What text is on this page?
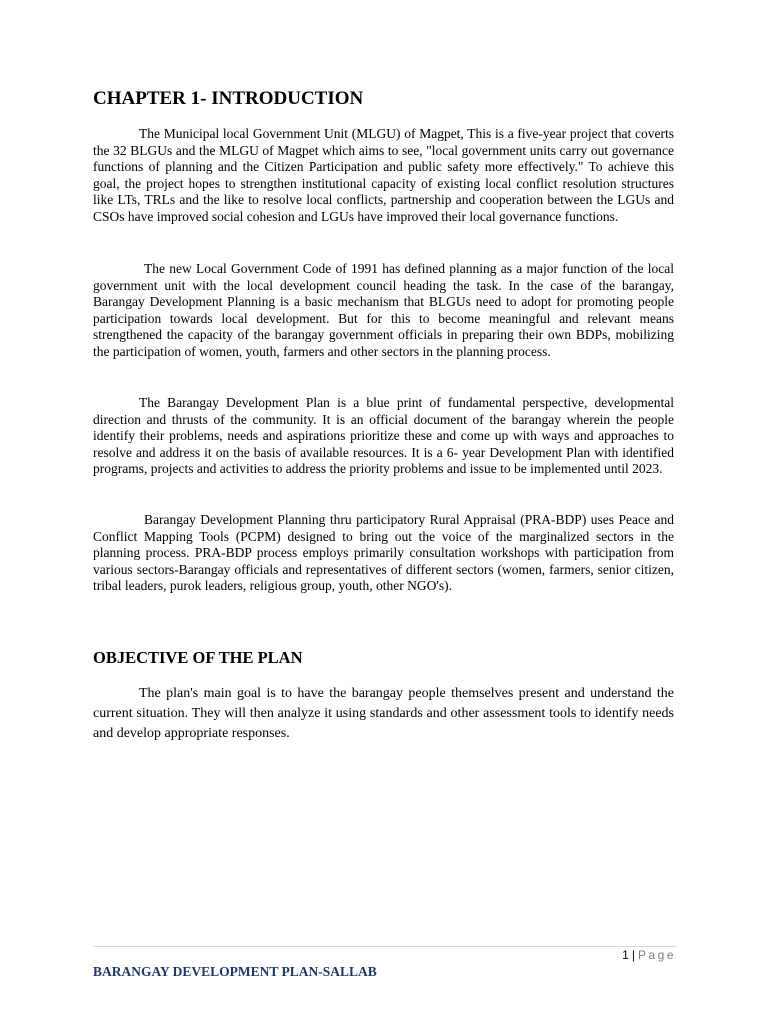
CHAPTER 1- INTRODUCTION

The Municipal local Government Unit (MLGU) of Magpet, This is a five-year project that coverts the 32 BLGUs and the MLGU of Magpet which aims to see, "local government units carry out governance functions of planning and the Citizen Participation and public safety more effectively." To achieve this goal, the project hopes to strengthen institutional capacity of existing local conflict resolution structures like LTs, TRLs and the like to resolve local conflicts, partnership and cooperation between the LGUs and CSOs have improved social cohesion and LGUs have improved their local governance functions.

The new Local Government Code of 1991 has defined planning as a major function of the local government unit with the local development council heading the task. In the case of the barangay, Barangay Development Planning is a basic mechanism that BLGUs need to adopt for promoting people participation towards local development. But for this to become meaningful and relevant means strengthened the capacity of the barangay government officials in preparing their own BDPs, mobilizing the participation of women, youth, farmers and other sectors in the planning process.

The Barangay Development Plan is a blue print of fundamental perspective, developmental direction and thrusts of the community. It is an official document of the barangay wherein the people identify their problems, needs and aspirations prioritize these and come up with ways and approaches to resolve and address it on the basis of available resources. It is a 6- year Development Plan with identified programs, projects and activities to address the priority problems and issue to be implemented until 2023.

Barangay Development Planning thru participatory Rural Appraisal (PRA-BDP) uses Peace and Conflict Mapping Tools (PCPM) designed to bring out the voice of the marginalized sectors in the planning process. PRA-BDP process employs primarily consultation workshops with participation from various sectors-Barangay officials and representatives of different sectors (women, farmers, senior citizen, tribal leaders, purok leaders, religious group, youth, other NGO's).

OBJECTIVE OF THE PLAN

The plan's main goal is to have the barangay people themselves present and understand the current situation. They will then analyze it using standards and other assessment tools to identify needs and develop appropriate responses.

1 | Page

BARANGAY DEVELOPMENT PLAN-SALLAB
